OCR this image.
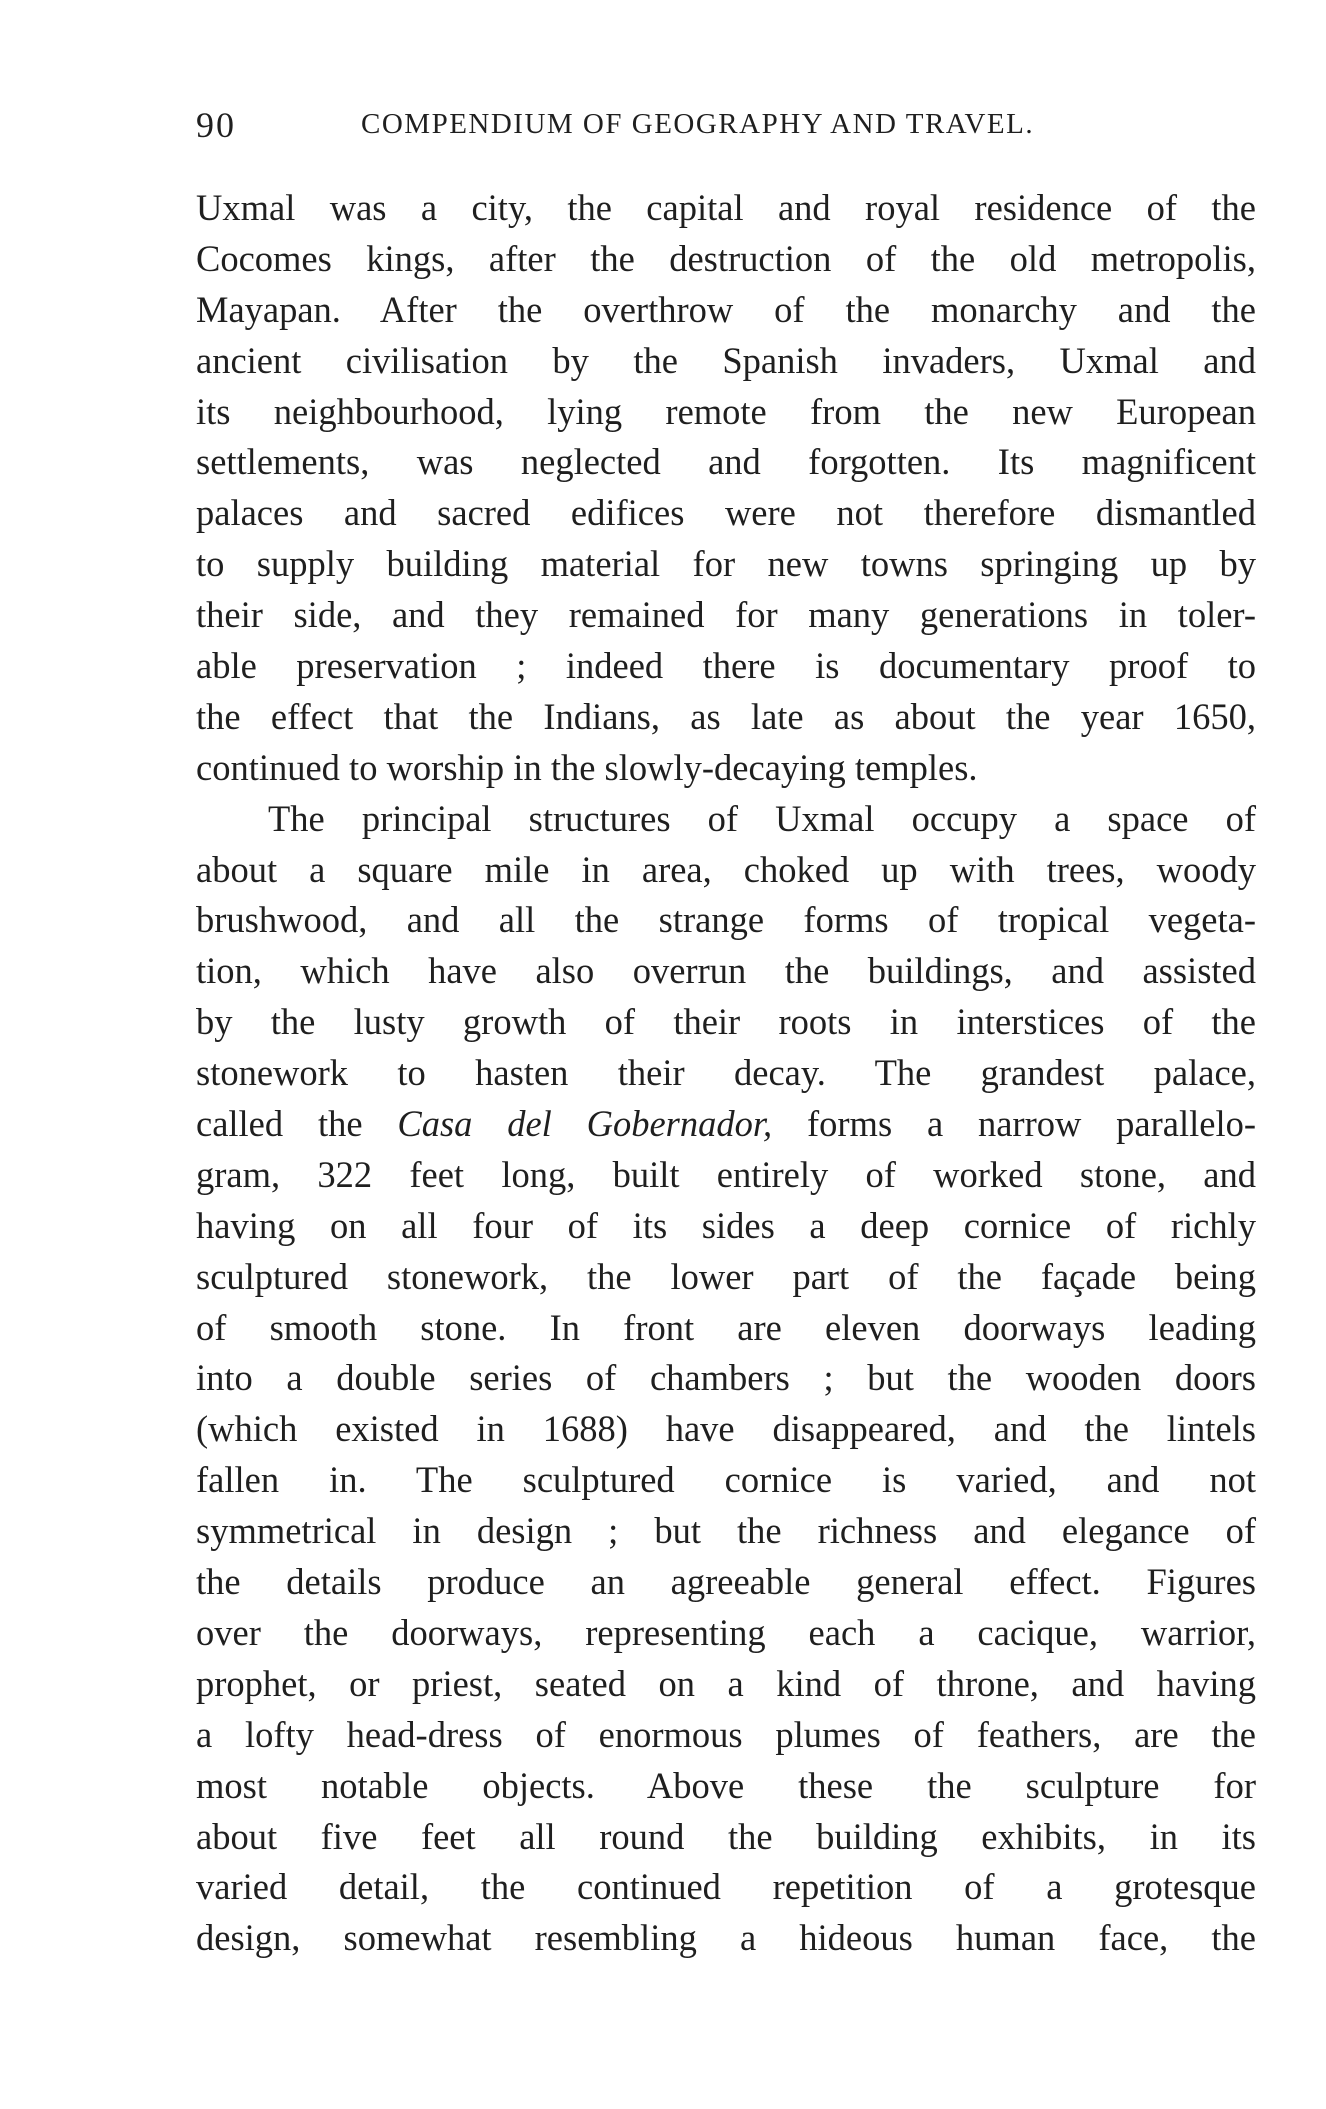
90	COMPENDIUM OF GEOGRAPHY AND TRAVEL.
Uxmal was a city, the capital and royal residence of the
Cocomes kings, after the destruction of the old metropolis,
Mayapan. After the overthrow of the monarchy and the
ancient civilisation by the Spanish invaders, Uxmal and
its neighbourhood, lying remote from the new European
settlements, was neglected and forgotten. Its magnificent
palaces and sacred edifices were not therefore dismantled
to supply building material for new towns springing up by
their side, and they remained for many generations in toler-
able preservation ; indeed there is documentary proof to
the effect that the Indians, as late as about the year 1650,
continued to worship in the slowly-decaying temples.
The principal structures of Uxmal occupy a space of
about a square mile in area, choked up with trees, woody
brushwood, and all the strange forms of tropical vegeta-
tion, which have also overrun the buildings, and assisted
by the lusty growth of their roots in interstices of the
stonework to hasten their decay. The grandest palace,
called the Casa del Gobernador, forms a narrow parallelo-
gram, 322 feet long, built entirely of worked stone, and
having on all four of its sides a deep cornice of richly
sculptured stonework, the lower part of the façade being
of smooth stone. In front are eleven doorways leading
into a double series of chambers ; but the wooden doors
(which existed in 1688) have disappeared, and the lintels
fallen in. The sculptured cornice is varied, and not
symmetrical in design ; but the richness and elegance of
the details produce an agreeable general effect. Figures
over the doorways, representing each a cacique, warrior,
prophet, or priest, seated on a kind of throne, and having
a lofty head-dress of enormous plumes of feathers, are the
most notable objects. Above these the sculpture for
about five feet all round the building exhibits, in its
varied detail, the continued repetition of a grotesque
design, somewhat resembling a hideous human face, the
